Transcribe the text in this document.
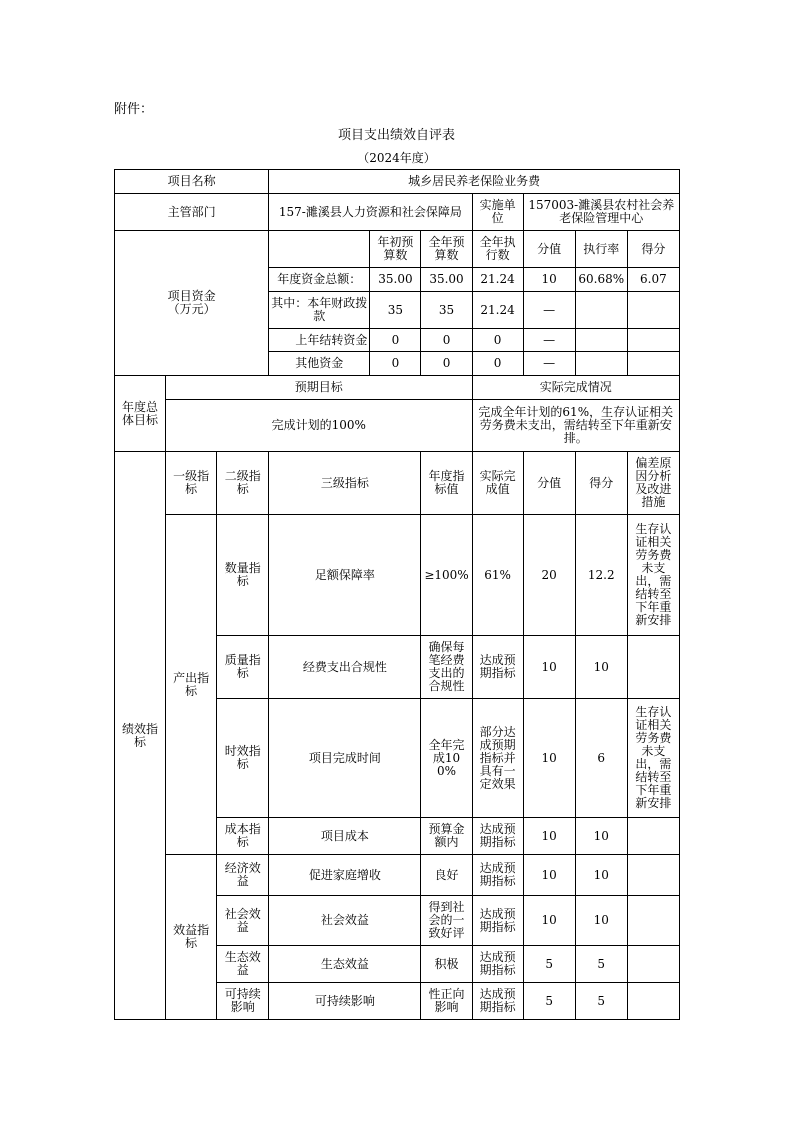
附件：
项目支出绩效自评表
（2024年度）
项目名称			城乡居民养老保险业务费						
主管部门			157-濉溪县人力资源和社会保障局			实施单位	157003-濉溪县农村社会养老保险管理中心		

项目资金（万元）				年初预算数	全年预算数	全年执行数	分值	执行率	得分
			年度资金总额：	35.00	35.00	21.24	10	60.68%	6.07
			其中：本年财政拨款	35	35	21.24	—		
			上年结转资金	0	0	0	—		
			其他资金	0	0	0	—		
年度总体目标	预期目标					实际完成情况			
	完成计划的100%					完成全年计划的61%，生存认证相关劳务费未支出，需结转至下年重新安排。			
绩效指标	一级指标	二级指标	三级指标		年度指标值	实际完成值	分值	得分	偏差原因分析及改进措施
	产出指标	数量指标	足额保障率		≥100%	61%	20	12.2	生存认证相关劳务费未支出，需结转至下年重新安排
		质量指标	经费支出合规性		确保每笔经费支出的合规性	达成预期指标	10	10	
		时效指标	项目完成时间		全年完成100%	部分达成预期指标并具有一定效果	10	6	生存认证相关劳务费未支出，需结转至下年重新安排
		成本指标	项目成本		预算金额内	达成预期指标	10	10	
	效益指标	经济效益	促进家庭增收		良好	达成预期指标	10	10	
		社会效益	社会效益		得到社会的一致好评	达成预期指标	10	10	
		生态效益	生态效益		积极	达成预期指标	5	5	
		可持续影响	可持续影响		性正向影响	达成预期指标	5	5	
